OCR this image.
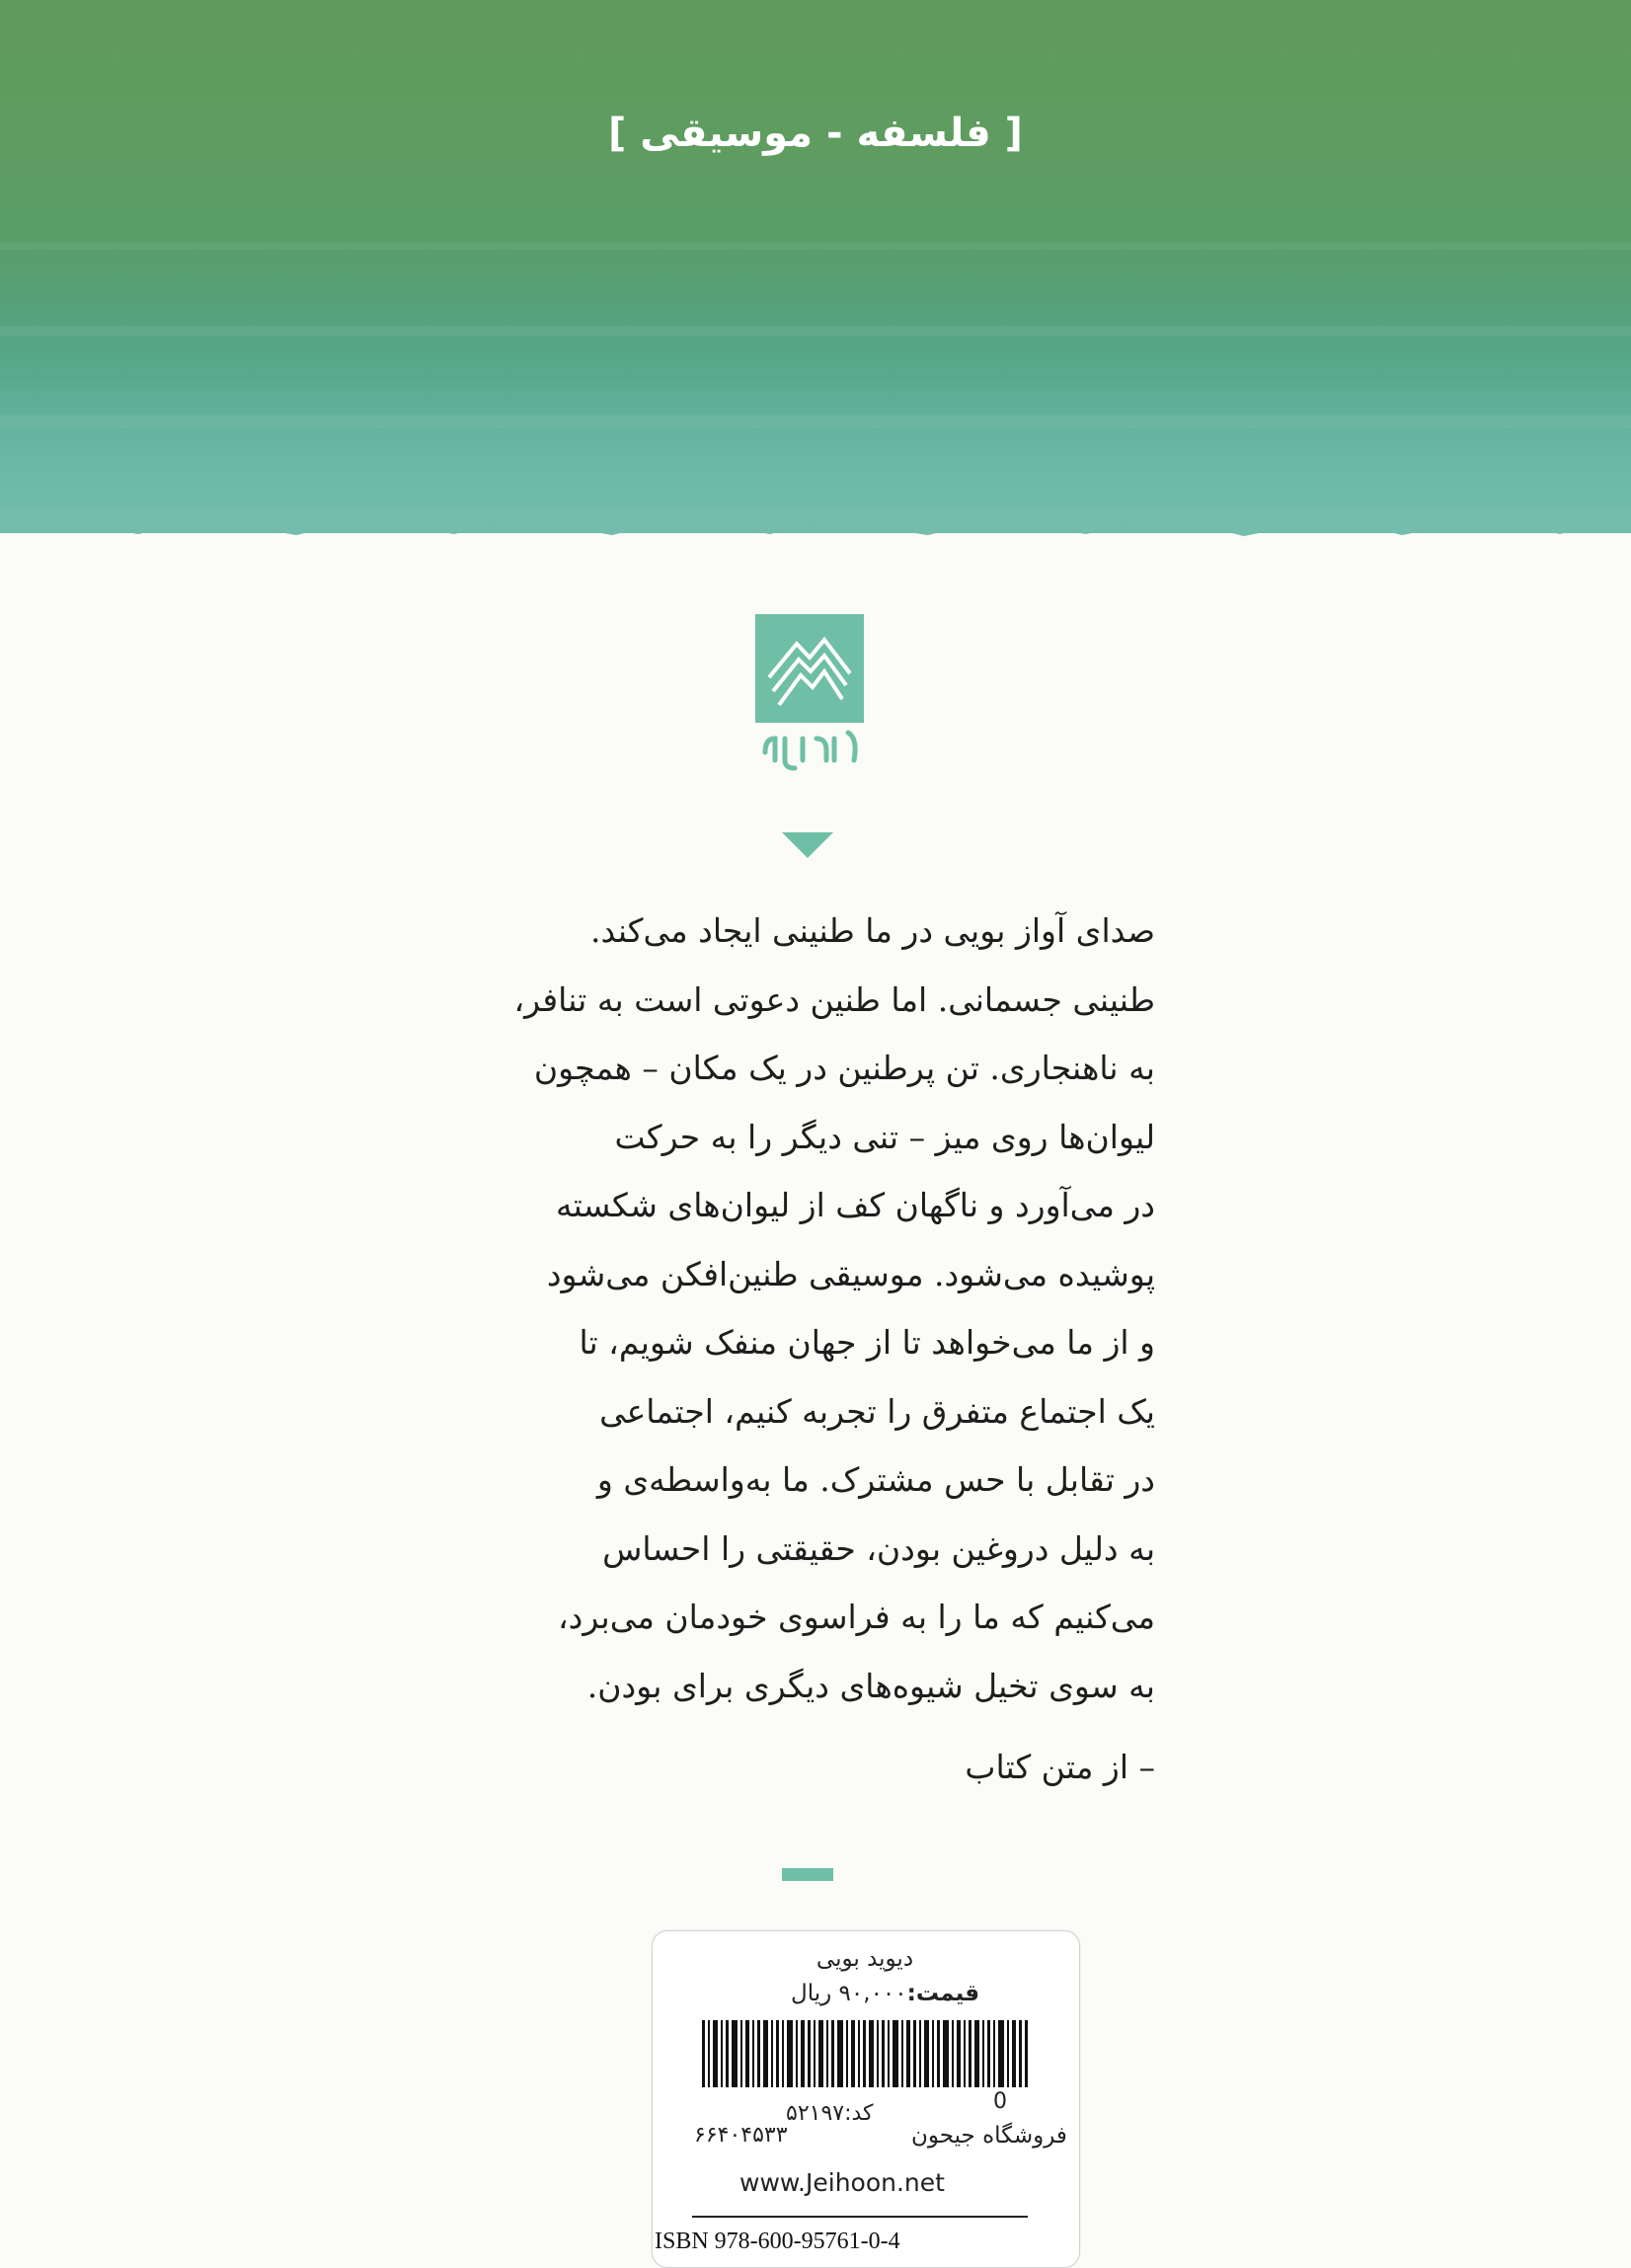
[ فلسفه - موسیقی ]
صدای آواز بویی در ما طنینی ایجاد می‌کند.
طنینی جسمانی. اما طنین دعوتی است به تنافر،
به ناهنجاری. تن پرطنین در یک مکان – همچون
لیوان‌ها روی میز – تنی دیگر را به حرکت
در می‌آورد و ناگهان کف از لیوان‌های شکسته
پوشیده می‌شود. موسیقی طنین‌افکن می‌شود
و از ما می‌خواهد تا از جهان منفک شویم، تا
یک اجتماع متفرق را تجربه کنیم، اجتماعی
در تقابل با حس مشترک. ما به‌واسطه‌ی و
به دلیل دروغین بودن، حقیقتی را احساس
می‌کنیم که ما را به فراسوی خودمان می‌برد،
به سوی تخیل شیوه‌های دیگری برای بودن.
– از متن کتاب
دیوید بویی
قیمت:۹۰,۰۰۰ ریال
0
کد:۵۲۱۹۷
فروشگاه جیحون
۶۶۴۰۴۵۳۳
www.Jeihoon.net
ISBN 978-600-95761-0-4
